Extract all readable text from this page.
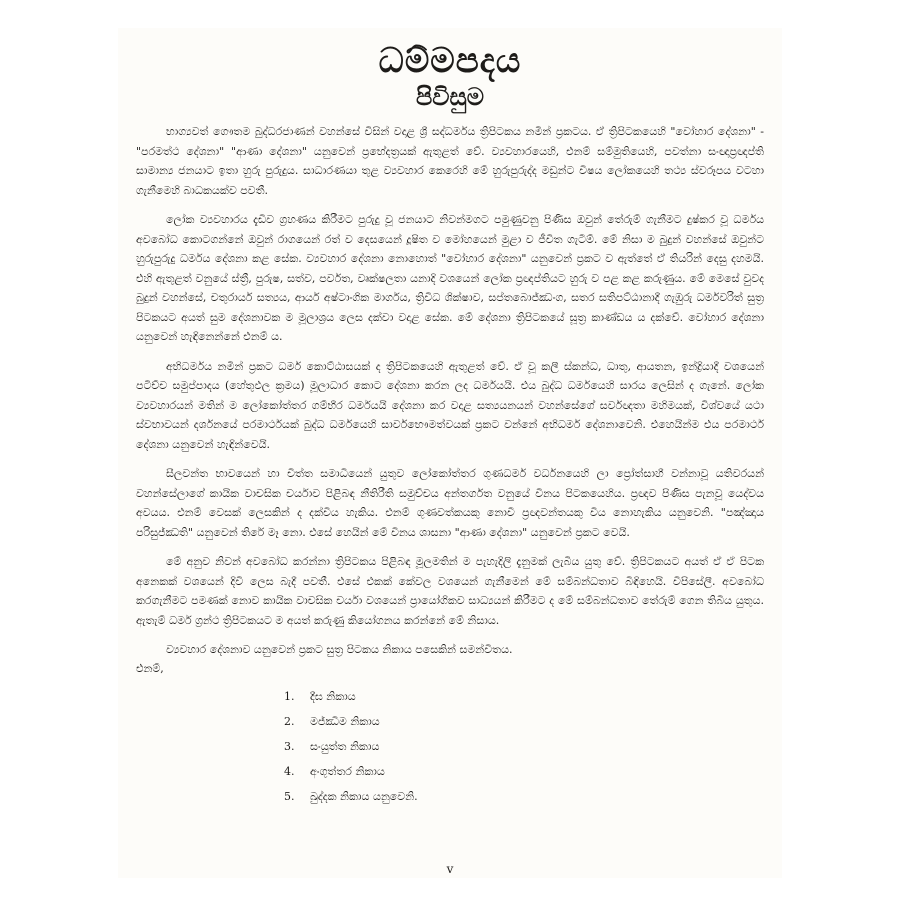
ධම්මපදය
පිවිසුම

භාග්‍යවත් ගෞතම බුද්ධරජාණන් වහන්සේ විසින් වදාළ ශ්‍රී සද්ධර්මය ත්‍රිපිටකය නමින් ප්‍රකටය. ඒ ත්‍රිපිටකයෙහි "වෝහාර දේශනා" - "පරමත්ථ දේශනා" "ආණා දේශනා" යනුවෙන් ප්‍රභේදත්‍රයක් ඇතුළත් වේ. ව්‍යවහාරයෙහි, එනම් සම්මුතියෙහි, පවත්නා සංඥාප්‍රඥප්ති සාමාන්‍ය ජනයාට ඉතා හුරු පුරුදුය. සාධාරණයා තුළ ව්‍යවහාර කෙරෙහි මේ හුරුපුරුද්ද මඩුන්ට විෂය ලෝකයෙහි තථ්‍ය ස්වරූපය වටහා ගැනීමෙහි බාධකයක්ව පවතී.

ලෝක ව්‍යවහාරය දැඩිව ග්‍රහණය කිරීමට පුරුදු වූ ජනයාට නිවන්මගට පමුණුවනු පිණිස ඔවුන් තේරුම් ගැනීමට දුෂ්කර වූ ධර්මය අවබෝධ කොටගන්නේ ඔවුන් රාගයෙන් රත් ව දෙසයෙන් දූෂිත ව මෝහයෙන් මුළා ව ජීවිත ගැටීම්. මේ නිසා ම බුදුන් වහන්සේ ඔවුන්ට හුරුපුරුදු ධර්මය දේශනා කළ සේක. ව්‍යවහාර දේශනා නොහොත් "වෝහාර දේශනා" යනුවෙන් ප්‍රකට ව ඇත්තේ ඒ තියරින් දෙසු දහමයි. එහි ඇතුළත් වනුයේ ස්ත්‍රී, පුරුෂ, සත්ව, පර්වත, වෘක්ෂලතා යනාදි වශයෙන් ලෝක ප්‍රඥප්තියට හුරු ව පළ කළ කරුණුය. මේ මෙසේ වුවද බුදුන් වහන්සේ, චතුරාර්ය සත්‍යය, ආර්ය අෂ්ටාංගික මාර්ගය, ත්‍රිවිධ ශික්ෂාව, සප්තබොජ්ඣංග, සතර සතිපට්ඨානාදී ගැඹුරු ධර්මවරිත් සුත්‍ර පිටකයට අයත් සුම දේශනාවක ම මූලාශ්‍රය ලෙස දක්වා වදාළ සේක. මේ දේශනා ත්‍රිපිටකයේ සූත්‍ර කාණ්ඩය ය දක්වේ. වෝහාර දේශනා යනුවෙන් හැඳිනෙන්නේ එනම් ය.

අභිධර්මය නමින් ප්‍රකට ධර්ම කොට්ඨාසයක් ද ත්‍රිපිටකයෙහි ඇතුළත් වේ. ඒ වූ කලී ස්කන්ධ, ධාතු, ආයතන, ඉන්ද්‍රියාදී වශයෙන් පටිච්ච සමුප්පාදය (හේතුඵල ක්‍රමය) මූලාධාර කොට දේශනා කරන ලද ධර්මයයි. එය බුද්ධ ධර්මයෙහි සාරය ලෙසින් ද ගැනේ. ලෝක ව්‍යවහාරයන් මතින් ම ලෝකෝත්තර ගම්භීර ධර්මයයි දේශනා කර වදාළ සත්‍යයනයන් වහන්සේගේ සර්වඥතා මහිමයක්, විශ්වයේ යථා ස්වභාවයන් දර්ශනයේ පරමාර්ථයක් බුද්ධ ධර්මයෙහි සාර්වභෞමත්වයක් ප්‍රකට වන්නේ අභිධර්ම දේශනාවෙනි. එහෙයින්ම එය පරමාර්ථ දේශනා යනුවෙන් හැඳින්වෙයි.

සීලවන්ත භාවයෙන් හා චිත්ත සමාධියෙන් යුතුව ලෝකෝත්තර ගුණධර්ම වර්ධනයෙහි ලා ප්‍රෝත්සාහී වන්නාවූ යතිවරයන් වහන්සේලාගේ කායික වාචසික චර්යාව පිළිබඳ නීතිරීති සමුච්චය අන්තර්ගත වනුයේ විනය පිටකයෙහිය. ප්‍රඥව පිණිස පැනවූ යෙද්වය අවයය. එනම් වෙසක් ලෙසකින් ද දක්විය හැකිය. එනම් ගුණවත්කයකු නොවී ප්‍රඥවන්තයකු විය නොහැකිය යනුවෙනි. "පඤ්ඤාය පරිසුජ්ඣති" යනුවෙන් තිරේ මෑ නො. එසේ හෙයින් මේ විනය ශාසනා "ආණා දේශනා" යනුවෙන් ප්‍රකට වෙයි.

මේ අනුව නිවන් අවබෝධ කරන්නා ත්‍රිපිටකය පිළිබඳ මූලමතින් ම පැහැදිලි දැනුමක් ලැබිය යුතු වේ. ත්‍රිපිටකයට අයත් ඒ ඒ පිටක අනෙකක් වශයෙන් දිවි ලෙස බැදී පවතී. එසේ එකක් කේවල වශයෙන් ගැනීමෙන් මේ සම්බන්ධතාව බිඳිහෙයි. විපිසේලී. අවබෝධ කරගැනීමට පමණක් නොව කායික වාචසික චර්යා වශයෙන් ප්‍රායෝගිකව සාධ්‍යයන් කිරීමට ද මේ සම්බන්ධතාව තේරුම් ගෙන තිබිය යුතුය. ඇතැම් ධර්ම ග්‍රන්ථ ත්‍රිපිටකයට ම අයත් කරුණු කියෝගනය කරන්නේ මේ නිසාය.

ව්‍යවහාර දේශනාව යනුවෙන් ප්‍රකට සුත්‍ර පිටකය නිකාය පසෙකින් සමන්විතය.

එනම්,

1.	දීඝ නිකාය
2.	මජ්ඣිම නිකාය
3.	සංයුත්ත නිකාය
4.	අංගුත්තර නිකාය
5.	ඛුද්දක නිකාය යනුවෙනි.
v
